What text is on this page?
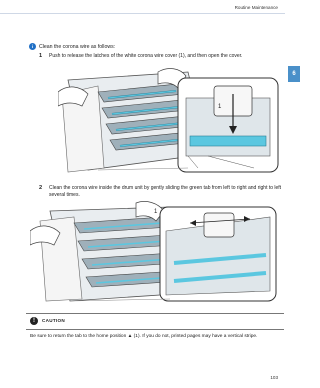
Routine Maintenance
6
i	Clean the corona wire as follows:
1 Push to release the latches of the white corona wire cover (1), and then open the cover.
1
2 Clean the corona wire inside the drum unit by gently sliding the green tab from left to right and right to left several times.
1
!	CAUTION
Be sure to return the tab to the home position ▲ (1). If you do not, printed pages may have a vertical stripe.
103
